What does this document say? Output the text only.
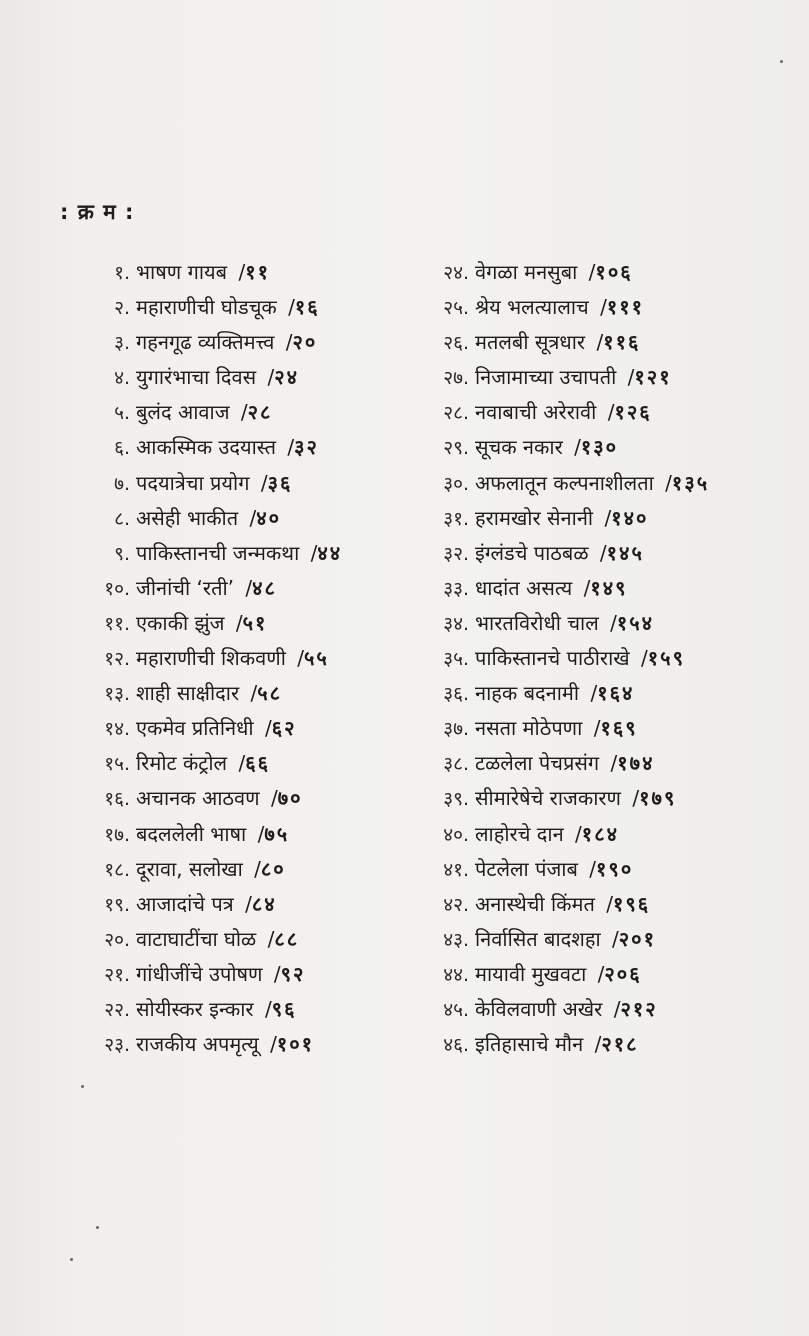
: क्र म :
१. भाषण गायब /११
२. महाराणीची घोडचूक /१६
३. गहनगूढ व्यक्तिमत्त्व /२०
४. युगारंभाचा दिवस /२४
५. बुलंद आवाज /२८
६. आकस्मिक उदयास्त /३२
७. पदयात्रेचा प्रयोग /३६
८. असेही भाकीत /४०
९. पाकिस्तानची जन्मकथा /४४
१०. जीनांची ‘रती’ /४८
११. एकाकी झुंज /५१
१२. महाराणीची शिकवणी /५५
१३. शाही साक्षीदार /५८
१४. एकमेव प्रतिनिधी /६२
१५. रिमोट कंट्रोल /६६
१६. अचानक आठवण /७०
१७. बदललेली भाषा /७५
१८. दूरावा, सलोखा /८०
१९. आजादांचे पत्र /८४
२०. वाटाघाटींचा घोळ /८८
२१. गांधीजींचे उपोषण /९२
२२. सोयीस्कर इन्कार /९६
२३. राजकीय अपमृत्यू /१०१
२४. वेगळा मनसुबा /१०६
२५. श्रेय भलत्यालाच /१११
२६. मतलबी सूत्रधार /११६
२७. निजामाच्या उचापती /१२१
२८. नवाबाची अरेरावी /१२६
२९. सूचक नकार /१३०
३०. अफलातून कल्पनाशीलता /१३५
३१. हरामखोर सेनानी /१४०
३२. इंग्लंडचे पाठबळ /१४५
३३. धादांत असत्य /१४९
३४. भारतविरोधी चाल /१५४
३५. पाकिस्तानचे पाठीराखे /१५९
३६. नाहक बदनामी /१६४
३७. नसता मोठेपणा /१६९
३८. टळलेला पेचप्रसंग /१७४
३९. सीमारेषेचे राजकारण /१७९
४०. लाहोरचे दान /१८४
४१. पेटलेला पंजाब /१९०
४२. अनास्थेची किंमत /१९६
४३. निर्वासित बादशहा /२०१
४४. मायावी मुखवटा /२०६
४५. केविलवाणी अखेर /२१२
४६. इतिहासाचे मौन /२१८
